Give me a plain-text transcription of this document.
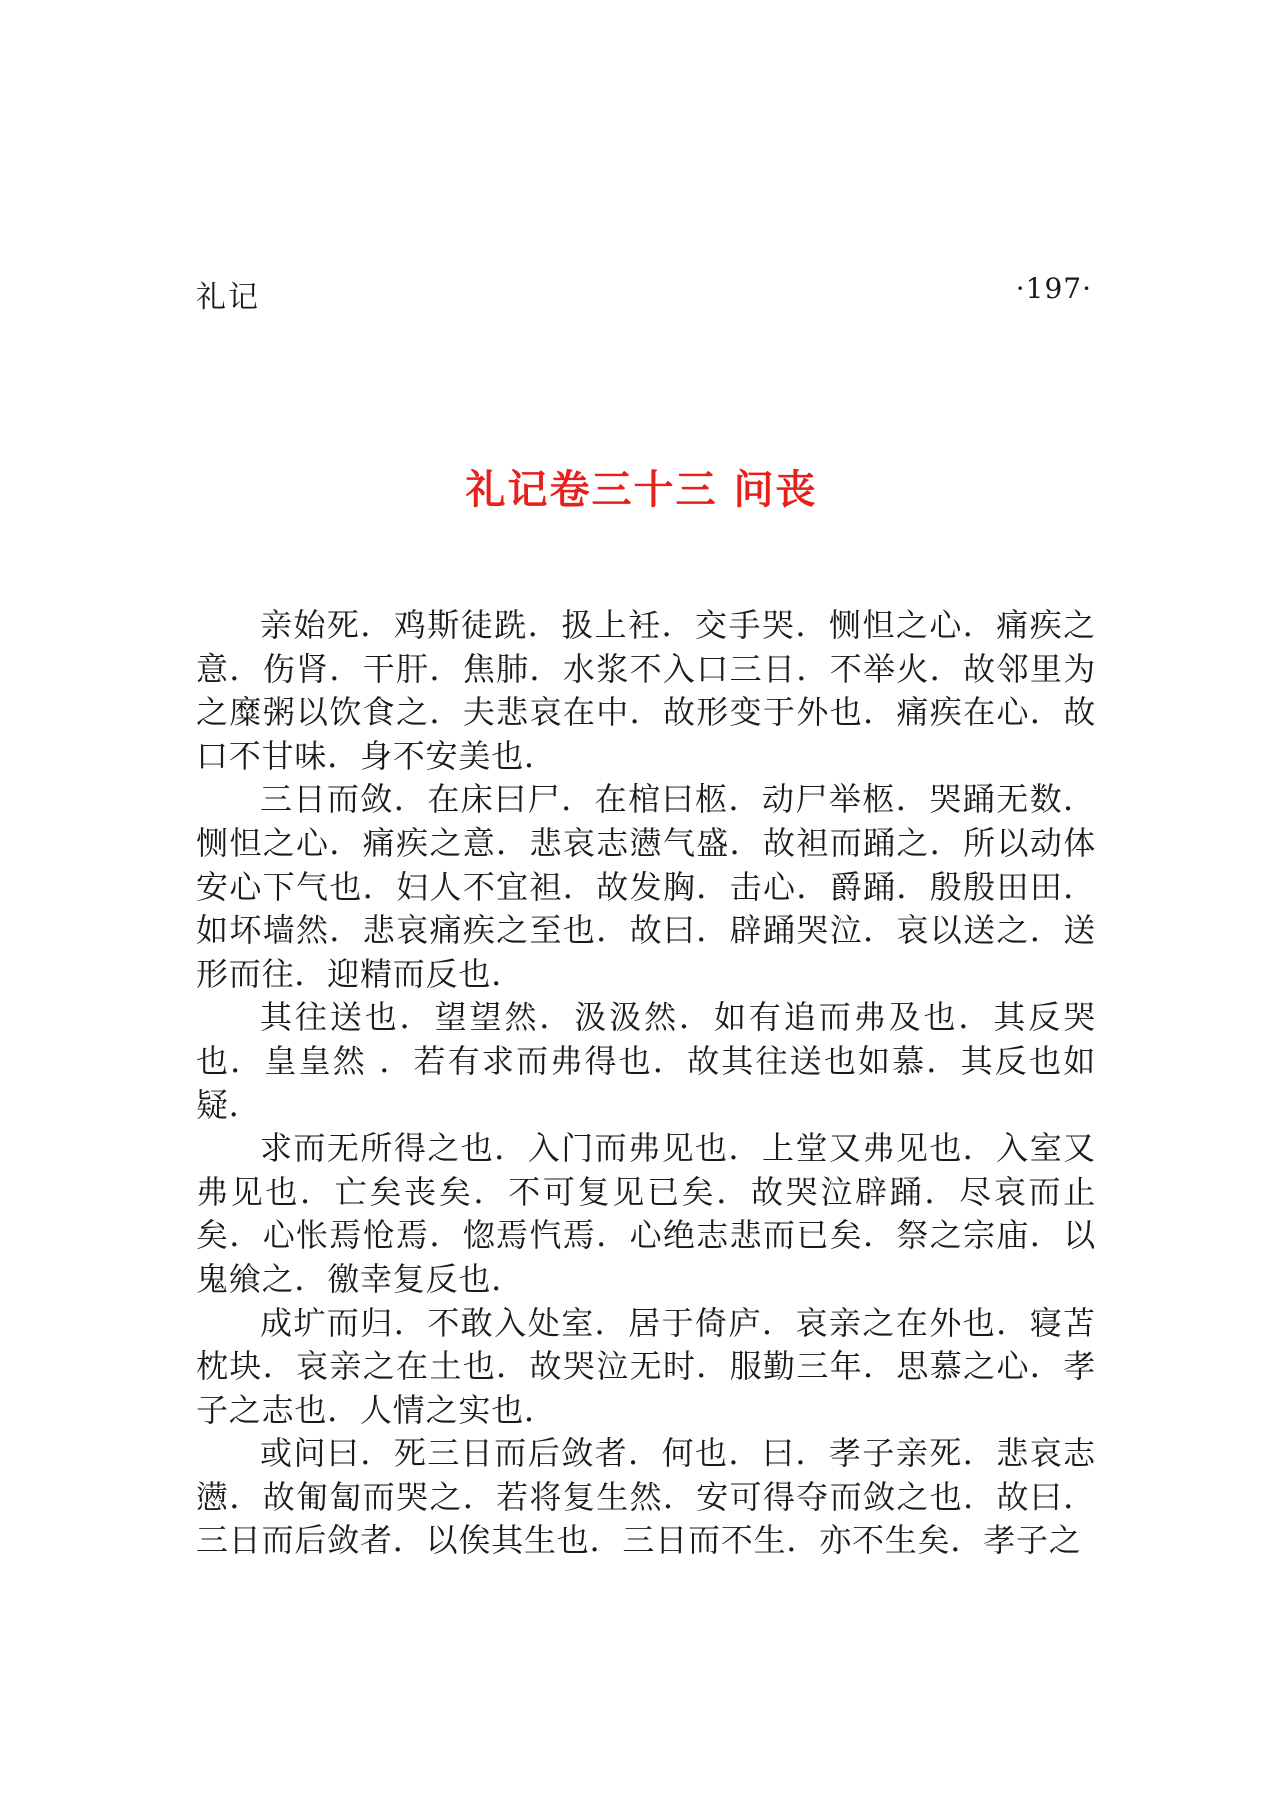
礼记	·197·
礼记卷三十三 问丧

亲始死．鸡斯徒跣．扱上衽．交手哭．恻怛之心．痛疾之意．伤肾．干肝．焦肺．水浆不入口三日．不举火．故邻里为之糜粥以饮食之．夫悲哀在中．故形变于外也．痛疾在心．故口不甘味．身不安美也．

三日而敛．在床曰尸．在棺曰柩．动尸举柩．哭踊无数．恻怛之心．痛疾之意．悲哀志懑气盛．故袒而踊之．所以动体安心下气也．妇人不宜袒．故发胸．击心．爵踊．殷殷田田．如坏墙然．悲哀痛疾之至也．故曰．辟踊哭泣．哀以送之．送形而往．迎精而反也．

其往送也．望望然．汲汲然．如有追而弗及也．其反哭也．皇皇然 ．若有求而弗得也．故其往送也如慕．其反也如疑．

求而无所得之也．入门而弗见也．上堂又弗见也．入室又弗见也．亡矣丧矣．不可复见已矣．故哭泣辟踊．尽哀而止矣．心怅焉怆焉．惚焉忾焉．心绝志悲而已矣．祭之宗庙．以鬼飨之．徼幸复反也．

成圹而归．不敢入处室．居于倚庐．哀亲之在外也．寝苫枕块．哀亲之在土也．故哭泣无时．服勤三年．思慕之心．孝子之志也．人情之实也．

或问曰．死三日而后敛者．何也．曰．孝子亲死．悲哀志懑．故匍匐而哭之．若将复生然．安可得夺而敛之也．故曰．三日而后敛者．以俟其生也．三日而不生．亦不生矣．孝子之
